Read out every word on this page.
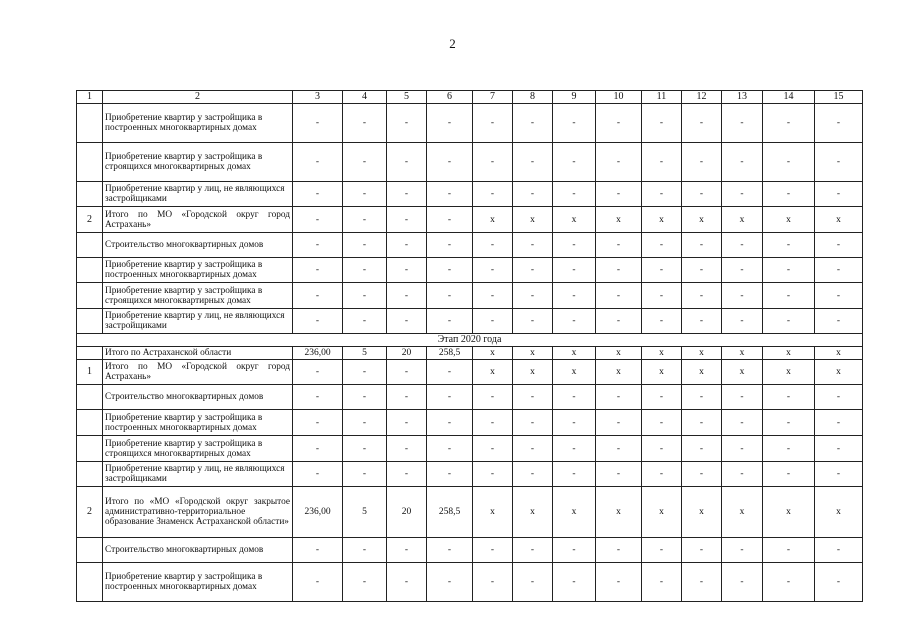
2
1	2	3	4	5	6	7	8	9	10	11	12	13	14	15
	Приобретение квартир у застройщика в построенных многоквартирных домах	-	-	-	-	-	-	-	-	-	-	-	-	-
	Приобретение квартир у застройщика в строящихся многоквартирных домах	-	-	-	-	-	-	-	-	-	-	-	-	-
	Приобретение квартир у лиц, не являющихся застройщиками	-	-	-	-	-	-	-	-	-	-	-	-	-
2	Итого по МО «Городской округ город Астрахань»	-	-	-	-	x	x	x	x	x	x	x	x	x
	Строительство многоквартирных домов	-	-	-	-	-	-	-	-	-	-	-	-	-
	Приобретение квартир у застройщика в построенных многоквартирных домах	-	-	-	-	-	-	-	-	-	-	-	-	-
	Приобретение квартир у застройщика в строящихся многоквартирных домах	-	-	-	-	-	-	-	-	-	-	-	-	-
	Приобретение квартир у лиц, не являющихся застройщиками	-	-	-	-	-	-	-	-	-	-	-	-	-
Этап 2020 года														
	Итого по Астраханской области	236,00	5	20	258,5	x	x	x	x	x	x	x	x	x
1	Итого по МО «Городской округ город Астрахань»	-	-	-	-	x	x	x	x	x	x	x	x	x
	Строительство многоквартирных домов	-	-	-	-	-	-	-	-	-	-	-	-	-
	Приобретение квартир у застройщика в построенных многоквартирных домах	-	-	-	-	-	-	-	-	-	-	-	-	-
	Приобретение квартир у застройщика в строящихся многоквартирных домах	-	-	-	-	-	-	-	-	-	-	-	-	-
	Приобретение квартир у лиц, не являющихся застройщиками	-	-	-	-	-	-	-	-	-	-	-	-	-
2	Итого по «МО «Городской округ закрытое административно-территориальное образование Знаменск Астраханской области»	236,00	5	20	258,5	x	x	x	x	x	x	x	x	x
	Строительство многоквартирных домов	-	-	-	-	-	-	-	-	-	-	-	-	-
	Приобретение квартир у застройщика в построенных многоквартирных домах	-	-	-	-	-	-	-	-	-	-	-	-	-
